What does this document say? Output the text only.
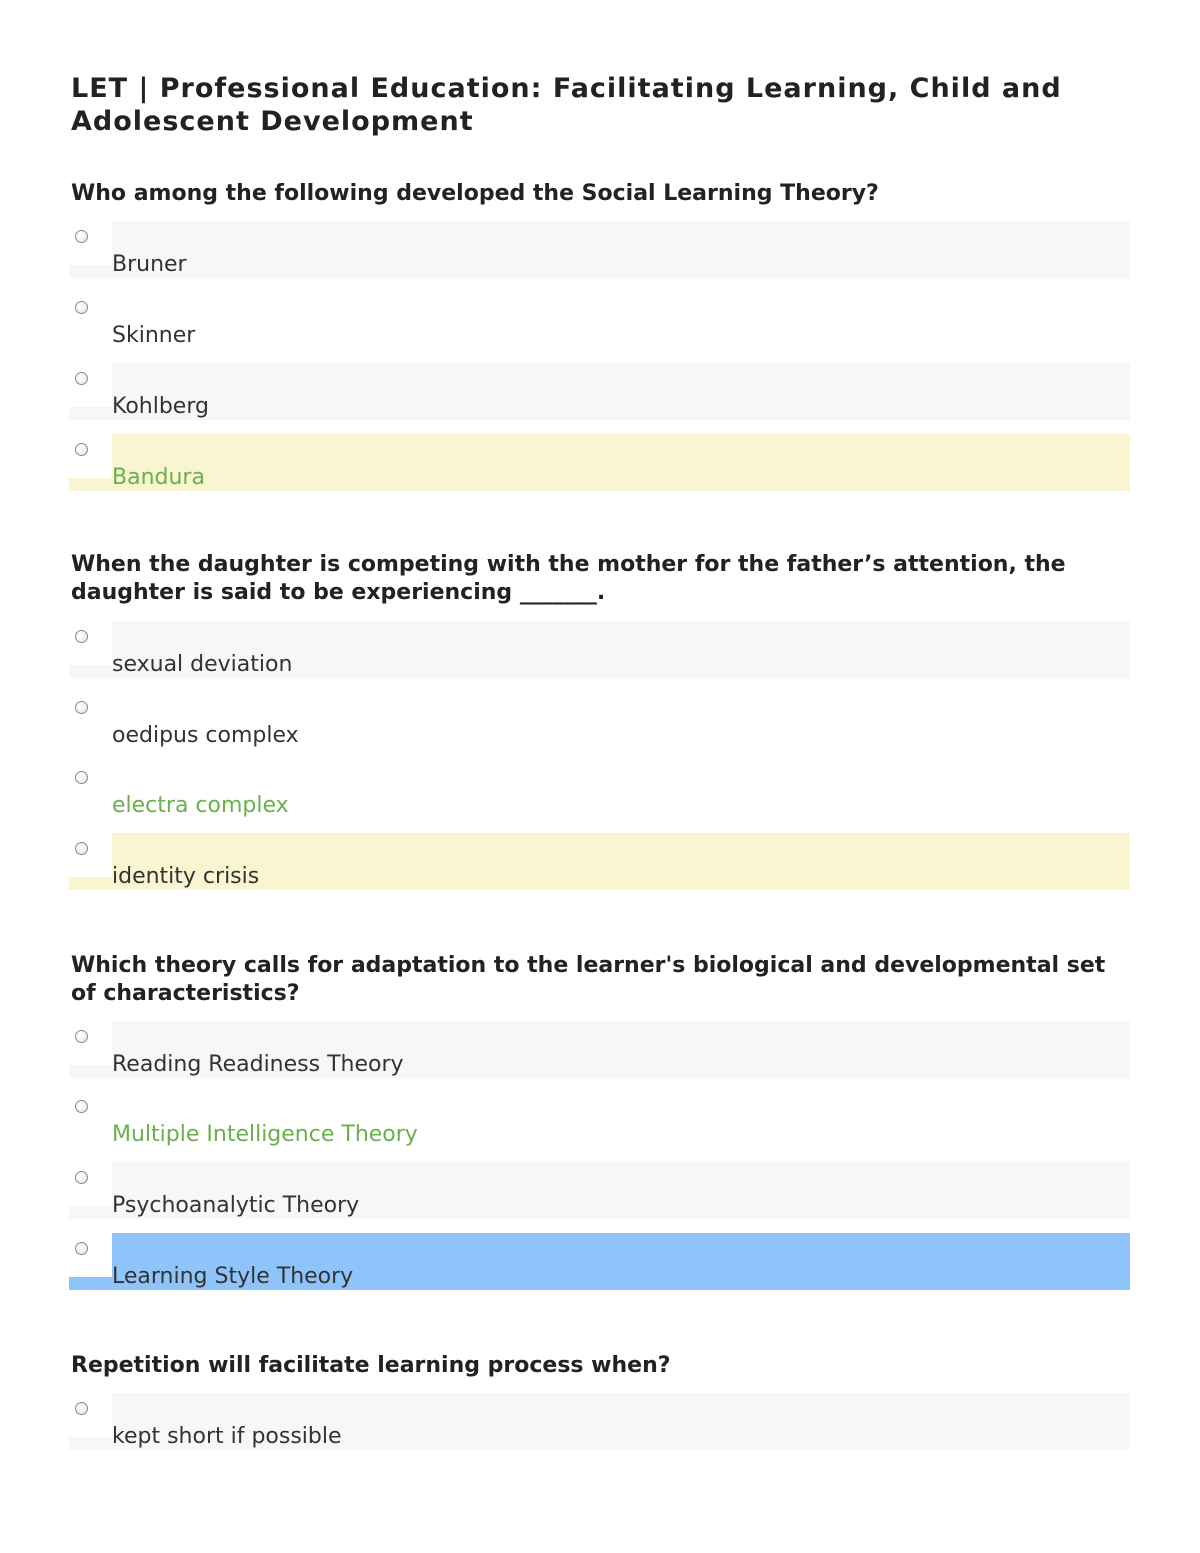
LET | Professional Education: Facilitating Learning, Child and Adolescent Development

Who among the following developed the Social Learning Theory?

Bruner
Skinner
Kohlberg
Bandura

When the daughter is competing with the mother for the father’s attention, the daughter is said to be experiencing _______.

sexual deviation
oedipus complex
electra complex
identity crisis

Which theory calls for adaptation to the learner's biological and developmental set of characteristics?

Reading Readiness Theory
Multiple Intelligence Theory
Psychoanalytic Theory
Learning Style Theory

Repetition will facilitate learning process when?

kept short if possible
